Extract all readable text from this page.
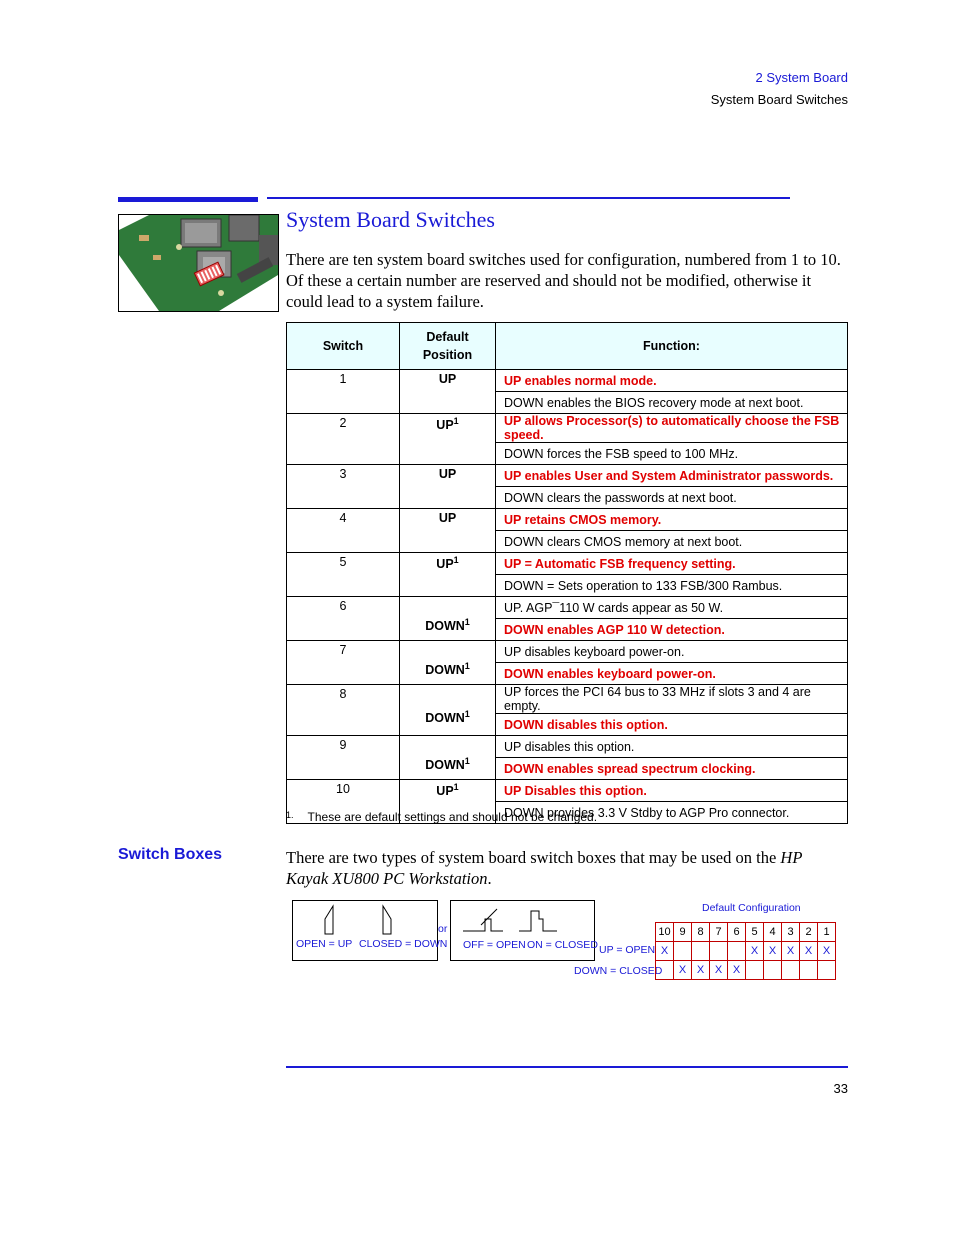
2 System Board
System Board Switches
System Board Switches
There are ten system board switches used for configuration, numbered from 1 to 10. Of these a certain number are reserved and should not be modified, otherwise it could lead to a system failure.
Switch	Default Position	Function:
1	UP	UP enables normal mode.
		DOWN enables the BIOS recovery mode at next boot.
2	$UP^1$	UP allows Processor(s) to automatically choose the FSB speed.
		DOWN forces the FSB speed to 100 MHz.
3	UP	UP enables User and System Administrator passwords.
		DOWN clears the passwords at next boot.
4	UP	UP retains CMOS memory.
		DOWN clears CMOS memory at next boot.
5	$UP^1$	UP = Automatic FSB frequency setting.
		DOWN = Sets operation to 133 FSB/300 Rambus.
6	DOWN$^1$	UP. AGP¯110 W cards appear as 50 W.
		DOWN enables AGP 110 W detection.
7	DOWN$^1$	UP disables keyboard power-on.
		DOWN enables keyboard power-on.
8	DOWN$^1$	UP forces the PCI 64 bus to 33 MHz if slots 3 and 4 are empty.
		DOWN disables this option.
9	DOWN$^1$	UP disables this option.
		DOWN enables spread spectrum clocking.
10	$UP^1$	UP Disables this option.
		DOWN provides 3.3 V Stdby to AGP Pro connector.
$^{1.}$ These are default settings and should not be changed.
Switch Boxes	There are two types of system board switch boxes that may be used on the HP Kayak XU800 PC Workstation.
OPEN = UP CLOSED = DOWN
or
OFF = OPEN ON = CLOSED
Default Configuration
UP = OPEN
DOWN = CLOSED
10	9	8	7	6	5	4	3	2	1
X					X	X	X	X	X
	X	X	X	X					
33
